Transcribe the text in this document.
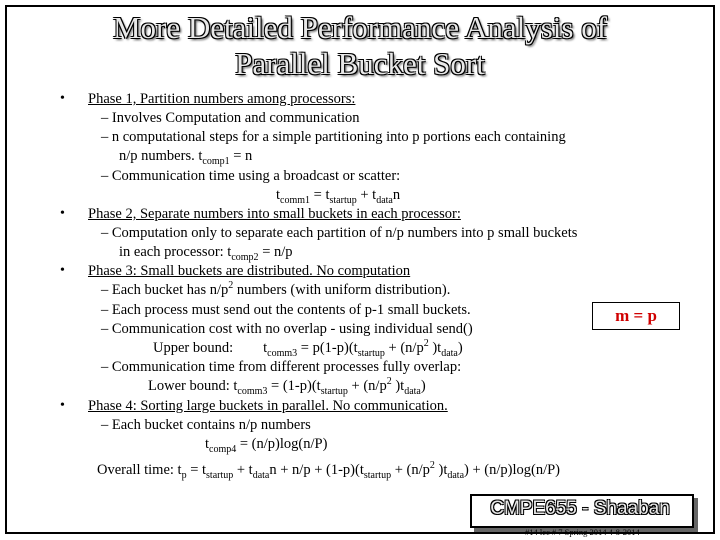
More Detailed Performance Analysis of
Parallel Bucket Sort
•
•
•
•
Phase 1, Partition numbers among processors:
– Involves Computation and communication
– n computational steps for a simple partitioning into p portions each containing
n/p numbers. $t_{comp1} = n$
– Communication time using a broadcast or scatter:
$t_{comm1} = t_{startup} + t_{data}n$
Phase 2, Separate numbers into small buckets in each processor:
– Computation only to separate each partition of n/p numbers into p small buckets
in each processor: $t_{comp2} = n/p$
Phase 3: Small buckets are distributed. No computation
– Each bucket has $n/p^2$ numbers (with uniform distribution).
– Each process must send out the contents of p-1 small buckets.
– Communication cost with no overlap - using individual send()
Upper bound: $t_{comm3} = p(1-p)(t_{startup} + (n/p^2$ )$t_{data}$)
– Communication time from different processes fully overlap:
Lower bound: $t_{comm3} = (1-p)(t_{startup} + (n/p^2$ )$t_{data}$)
m = p
Phase 4: Sorting large buckets in parallel. No communication.
– Each bucket contains n/p numbers
$t_{comp4} = (n/p)\log(n/P)$
Overall time: $t_p = t_{startup} + t_{data}n + n/p + (1-p)(t_{startup} + (n/p^2$ )$t_{data}) + (n/p)\log(n/P)$
CMPE655 - Shaaban
#14 lec # 7 Spring 2014 4-8-2014
